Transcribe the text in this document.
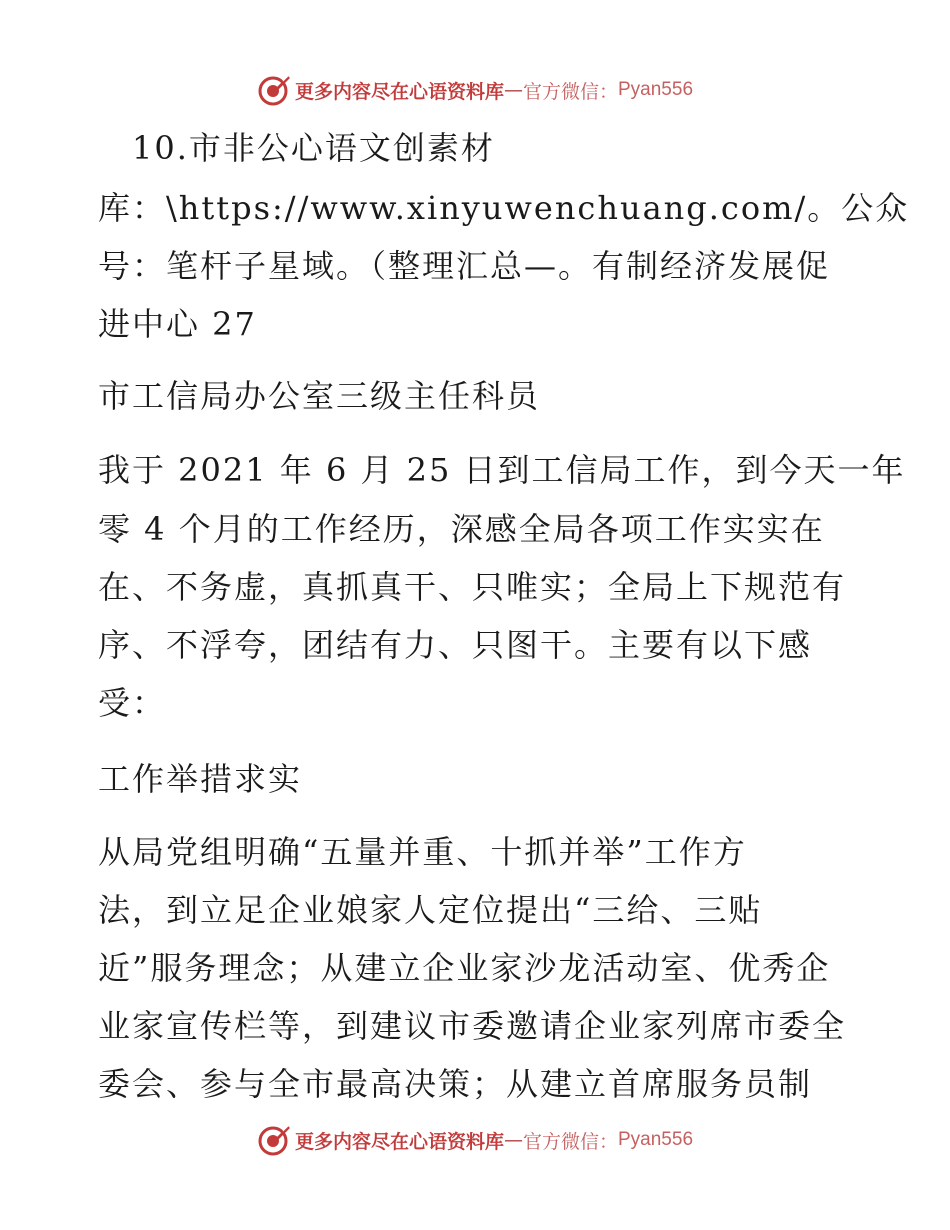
更多内容尽在心语资料库 — 官方微信： Pyan556
　10.市非公心语文创素材
库：\https://www.xinyuwenchuang.com/。公众
号：笔杆子星域。（整理汇总—。有制经济发展促
进中心 27
市工信局办公室三级主任科员
我于 2021 年 6 月 25 日到工信局工作，到今天一年
零 4 个月的工作经历，深感全局各项工作实实在
在、不务虚，真抓真干、只唯实；全局上下规范有
序、不浮夸，团结有力、只图干。主要有以下感
受：
工作举措求实
从局党组明确“五量并重、十抓并举”工作方
法，到立足企业娘家人定位提出“三给、三贴
近”服务理念；从建立企业家沙龙活动室、优秀企
业家宣传栏等，到建议市委邀请企业家列席市委全
委会、参与全市最高决策；从建立首席服务员制
更多内容尽在心语资料库 — 官方微信： Pyan556
